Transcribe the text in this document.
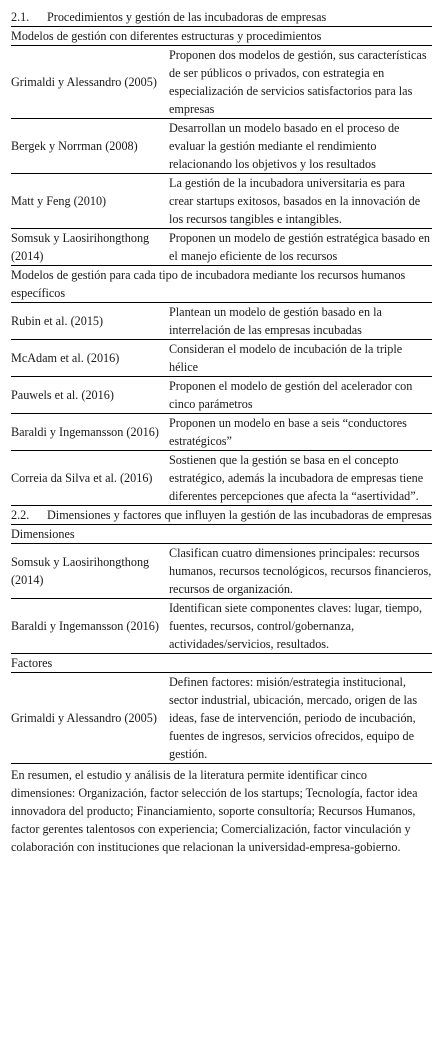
2.1. Procedimientos y gestión de las incubadoras de empresas
Modelos de gestión con diferentes estructuras y procedimientos	
Grimaldi y Alessandro (2005)	Proponen dos modelos de gestión, sus características de ser públicos o privados, con estrategia en especialización de servicios satisfactorios para las empresas
Bergek y Norrman (2008)	Desarrollan un modelo basado en el proceso de evaluar la gestión mediante el rendimiento relacionando los objetivos y los resultados
Matt y Feng (2010)	La gestión de la incubadora universitaria es para crear startups exitosos, basados en la innovación de los recursos tangibles e intangibles.
Somsuk y Laosirihongthong (2014)	Proponen un modelo de gestión estratégica basado en el manejo eficiente de los recursos
Modelos de gestión para cada tipo de incubadora mediante los recursos humanos específicos	
Rubin et al. (2015)	Plantean un modelo de gestión basado en la interrelación de las empresas incubadas
McAdam et al. (2016)	Consideran el modelo de incubación de la triple hélice
Pauwels et al. (2016)	Proponen el modelo de gestión del acelerador con cinco parámetros
Baraldi y Ingemansson (2016)	Proponen un modelo en base a seis “conductores estratégicos”
Correia da Silva et al. (2016)	Sostienen que la gestión se basa en el concepto estratégico, además la incubadora de empresas tiene diferentes percepciones que afecta la “asertividad”.
2.2. Dimensiones y factores que influyen la gestión de las incubadoras de empresas
Dimensiones	
Somsuk y Laosirihongthong (2014)	Clasifican cuatro dimensiones principales: recursos humanos, recursos tecnológicos, recursos financieros, recursos de organización.
Baraldi y Ingemansson (2016)	Identifican siete componentes claves: lugar, tiempo, fuentes, recursos, control/gobernanza, actividades/servicios, resultados.
Factores	
Grimaldi y Alessandro (2005)	Definen factores: misión/estrategia institucional, sector industrial, ubicación, mercado, origen de las ideas, fase de intervención, periodo de incubación, fuentes de ingresos, servicios ofrecidos, equipo de gestión.

En resumen, el estudio y análisis de la literatura permite identificar cinco dimensiones: Organización, factor selección de los startups; Tecnología, factor idea innovadora del producto; Financiamiento, soporte consultoría; Recursos Humanos, factor gerentes talentosos con experiencia; Comercialización, factor vinculación y colaboración con instituciones que relacionan la universidad-empresa-gobierno.
